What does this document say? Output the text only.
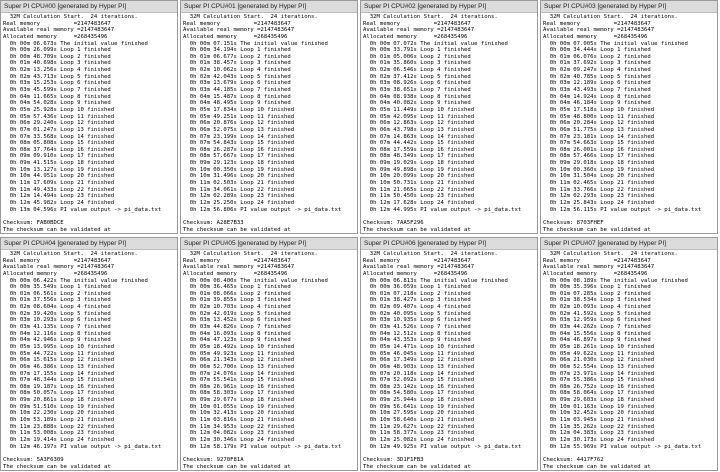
Super PI CPU#00 [generated by Hyper PI]
32M Calculation Start.  24 iterations.
Real memory          =2147483647
Available real memory =2147483647
Allocated memory     =268435496
0h 00m 06.673s The initial value finished
0h 00m 26.099s Loop 1 finished
0h 00m 48.709s Loop 2 finished
0h 01m 40.698s Loop 3 finished
0h 02m 13.256s Loop 4 finished
0h 02m 43.713s Loop 5 finished
0h 03m 15.253s Loop 6 finished
0h 03m 45.599s Loop 7 finished
0h 04m 11.665s Loop 8 finished
0h 04m 54.028s Loop 9 finished
0h 05m 25.928s Loop 10 finished
0h 05m 57.436s Loop 11 finished
0h 06m 29.240s Loop 12 finished
0h 07m 01.247s Loop 13 finished
0h 07m 33.568s Loop 14 finished
0h 08m 05.808s Loop 15 finished
0h 08m 37.764s Loop 16 finished
0h 09m 09.910s Loop 17 finished
0h 09m 41.515s Loop 18 finished
0h 10m 13.127s Loop 19 finished
0h 10m 44.951s Loop 20 finished
0h 11m 17.609s Loop 21 finished
0h 11m 49.433s Loop 22 finished
0h 12m 14.494s Loop 23 finished
0h 12m 45.982s Loop 24 finished
0h 13m 04.596s PI value output -> pi_data.txt
Checksum: FAB0BDCE
The checksum can be validated at
Super PI CPU#01 [generated by Hyper PI]
32M Calculation Start.  24 iterations.
Real memory          =2147483647
Available real memory =2147483647
Allocated memory     =268435496
0h 00m 07.151s The initial value finished
0h 00m 34.194s Loop 1 finished
0h 01m 06.677s Loop 2 finished
0h 01m 38.457s Loop 3 finished
0h 02m 10.062s Loop 4 finished
0h 02m 42.043s Loop 5 finished
0h 03m 13.679s Loop 6 finished
0h 03m 44.185s Loop 7 finished
0h 04m 15.487s Loop 8 finished
0h 04m 48.495s Loop 9 finished
0h 05m 17.834s Loop 10 finished
0h 05m 49.251s Loop 11 finished
0h 06m 20.876s Loop 12 finished
0h 06m 52.075s Loop 13 finished
0h 07m 23.199s Loop 14 finished
0h 07m 54.843s Loop 15 finished
0h 08m 26.287s Loop 16 finished
0h 08m 57.667s Loop 17 finished
0h 09m 29.123s Loop 18 finished
0h 10m 00.350s Loop 19 finished
0h 10m 31.496s Loop 20 finished
0h 11m 02.503s Loop 21 finished
0h 11m 34.061s Loop 22 finished
0h 12m 02.289s Loop 23 finished
0h 12m 25.250s Loop 24 finished
0h 12m 56.806s PI value output -> pi_data.txt
Checksum: A28E7B33
The checksum can be validated at
Super PI CPU#02 [generated by Hyper PI]
32M Calculation Start.  24 iterations.
Real memory          =2147483647
Available real memory =2147483647
Allocated memory     =268435496
0h 00m 07.072s The initial value finished
0h 00m 33.791s Loop 1 finished
0h 01m 05.006s Loop 2 finished
0h 01m 35.860s Loop 3 finished
0h 02m 06.546s Loop 4 finished
0h 02m 37.412s Loop 5 finished
0h 03m 08.926s Loop 6 finished
0h 03m 38.651s Loop 7 finished
0h 04m 08.938s Loop 8 finished
0h 04m 40.082s Loop 9 finished
0h 05m 11.449s Loop 10 finished
0h 05m 42.095s Loop 11 finished
0h 06m 12.863s Loop 12 finished
0h 06m 43.798s Loop 13 finished
0h 07m 14.863s Loop 14 finished
0h 07m 44.442s Loop 15 finished
0h 08m 17.559s Loop 16 finished
0h 08m 48.349s Loop 17 finished
0h 09m 19.029s Loop 18 finished
0h 09m 49.898s Loop 19 finished
0h 10m 20.099s Loop 20 finished
0h 10m 50.731s Loop 21 finished
0h 11m 21.065s Loop 22 finished
0h 11m 50.450s Loop 23 finished
0h 12m 17.628s Loop 24 finished
0h 12m 44.995s PI value output -> pi_data.txt
Checksum: 7AA5F296
The checksum can be validated at
Super PI CPU#03 [generated by Hyper PI]
32M Calculation Start.  24 iterations.
Real memory          =2147483647
Available real memory =2147483647
Allocated memory     =268435496
0h 00m 07.005s The initial value finished
0h 00m 34.444s Loop 1 finished
0h 01m 06.076s Loop 2 finished
0h 01m 37.692s Loop 3 finished
0h 02m 09.247s Loop 4 finished
0h 02m 40.785s Loop 5 finished
0h 03m 12.189s Loop 6 finished
0h 03m 43.493s Loop 7 finished
0h 04m 14.924s Loop 8 finished
0h 04m 46.184s Loop 9 finished
0h 05m 17.518s Loop 10 finished
0h 05m 48.800s Loop 11 finished
0h 06m 20.284s Loop 12 finished
0h 06m 51.775s Loop 13 finished
0h 07m 23.181s Loop 14 finished
0h 07m 54.663s Loop 15 finished
0h 08m 26.001s Loop 16 finished
0h 08m 57.466s Loop 17 finished
0h 09m 29.018s Loop 18 finished
0h 10m 00.360s Loop 19 finished
0h 10m 31.504s Loop 20 finished
0h 11m 02.465s Loop 21 finished
0h 11m 33.766s Loop 22 finished
0h 12m 02.293s Loop 23 finished
0h 12m 25.843s Loop 24 finished
0h 12m 56.115s PI value output -> pi_data.txt
Checksum: 8703FHEF
The checksum can be validated at
Super PI CPU#04 [generated by Hyper PI]
32M Calculation Start.  24 iterations.
Real memory          =2147483647
Available real memory =2147483647
Allocated memory     =268435496
0h 00m 06.422s The initial value finished
0h 00m 35.549s Loop 1 finished
0h 01m 06.561s Loop 2 finished
0h 01m 37.556s Loop 3 finished
0h 02m 08.604s Loop 4 finished
0h 02m 39.420s Loop 5 finished
0h 03m 10.293s Loop 6 finished
0h 03m 41.135s Loop 7 finished
0h 04m 12.116s Loop 8 finished
0h 04m 42.946s Loop 9 finished
0h 05m 13.995s Loop 10 finished
0h 05m 44.722s Loop 11 finished
0h 06m 15.615s Loop 12 finished
0h 06m 46.386s Loop 13 finished
0h 07m 17.155s Loop 14 finished
0h 07m 48.344s Loop 15 finished
0h 08m 19.187s Loop 16 finished
0h 08m 50.057s Loop 17 finished
0h 09m 20.861s Loop 18 finished
0h 09m 51.510s Loop 19 finished
0h 10m 22.230s Loop 20 finished
0h 10m 53.189s Loop 21 finished
0h 11m 23.888s Loop 22 finished
0h 11m 53.008s Loop 23 finished
0h 12m 19.414s Loop 24 finished
0h 12m 46.197s PI value output -> pi_data.txt
Checksum: 5A3F6309
The checksum can be validated at
Super PI CPU#05 [generated by Hyper PI]
32M Calculation Start.  24 iterations.
Real memory          =2147483647
Available real memory =2147483647
Allocated memory     =268435496
0h 00m 08.400s The initial value finished
0h 00m 36.465s Loop 1 finished
0h 01m 08.066s Loop 2 finished
0h 01m 39.855s Loop 3 finished
0h 02m 10.703s Loop 4 finished
0h 02m 42.019s Loop 5 finished
0h 03m 13.452s Loop 6 finished
0h 03m 44.826s Loop 7 finished
0h 04m 16.093s Loop 8 finished
0h 04m 47.123s Loop 9 finished
0h 05m 18.492s Loop 10 finished
0h 05m 49.923s Loop 11 finished
0h 06m 21.343s Loop 12 finished
0h 06m 52.700s Loop 13 finished
0h 07m 24.076s Loop 14 finished
0h 07m 55.541s Loop 15 finished
0h 08m 26.961s Loop 16 finished
0h 08m 58.303s Loop 17 finished
0h 09m 29.677s Loop 18 finished
0h 10m 01.055s Loop 19 finished
0h 10m 32.413s Loop 20 finished
0h 11m 03.816s Loop 21 finished
0h 11m 34.953s Loop 22 finished
0h 12m 04.082s Loop 23 finished
0h 12m 30.346s Loop 24 finished
0h 12m 58.179s PI value output -> pi_data.txt
Checksum: 9270F81A
The checksum can be validated at
Super PI CPU#06 [generated by Hyper PI]
32M Calculation Start.  24 iterations.
Real memory          =2147483647
Available real memory =2147483647
Allocated memory     =268435496
0h 00m 06.813s The initial value finished
0h 00m 36.059s Loop 1 finished
0h 01m 07.218s Loop 2 finished
0h 01m 38.427s Loop 3 finished
0h 02m 09.407s Loop 4 finished
0h 02m 40.095s Loop 5 finished
0h 03m 10.935s Loop 6 finished
0h 03m 41.526s Loop 7 finished
0h 04m 12.512s Loop 8 finished
0h 04m 43.353s Loop 9 finished
0h 05m 14.471s Loop 10 finished
0h 05m 46.045s Loop 11 finished
0h 06m 17.349s Loop 12 finished
0h 06m 48.903s Loop 13 finished
0h 07m 20.118s Loop 14 finished
0h 07m 52.092s Loop 15 finished
0h 08m 23.142s Loop 16 finished
0h 08m 54.580s Loop 17 finished
0h 09m 25.944s Loop 18 finished
0h 09m 56.641s Loop 19 finished
0h 10m 27.595s Loop 20 finished
0h 10m 58.640s Loop 21 finished
0h 11m 29.627s Loop 22 finished
0h 11m 58.377s Loop 23 finished
0h 12m 25.082s Loop 24 finished
0h 12m 49.925s PI value output -> pi_data.txt
Checksum: 3D1F1FB3
The checksum can be validated at
Super PI CPU#07 [generated by Hyper PI]
32M Calculation Start.  24 iterations.
Real memory          =2147483647
Available real memory =2147483647
Allocated memory     =268435496
0h 00m 08.189s The initial value finished
0h 00m 35.396s Loop 1 finished
0h 01m 07.285s Loop 2 finished
0h 01m 38.534s Loop 3 finished
0h 02m 10.093s Loop 4 finished
0h 02m 41.592s Loop 5 finished
0h 03m 12.959s Loop 6 finished
0h 03m 44.262s Loop 7 finished
0h 04m 15.556s Loop 8 finished
0h 04m 46.897s Loop 9 finished
0h 05m 18.261s Loop 10 finished
0h 05m 49.622s Loop 11 finished
0h 06m 21.030s Loop 12 finished
0h 06m 52.554s Loop 13 finished
0h 07m 23.971s Loop 14 finished
0h 07m 55.386s Loop 15 finished
0h 08m 26.752s Loop 16 finished
0h 08m 58.064s Loop 17 finished
0h 09m 29.603s Loop 18 finished
0h 10m 01.163s Loop 19 finished
0h 10m 32.452s Loop 20 finished
0h 11m 03.945s Loop 21 finished
0h 11m 35.262s Loop 22 finished
0h 12m 04.383s Loop 23 finished
0h 12m 30.173s Loop 24 finished
0h 12m 55.969s PI value output -> pi_data.txt
Checksum: 4417F762
The checksum can be validated at
